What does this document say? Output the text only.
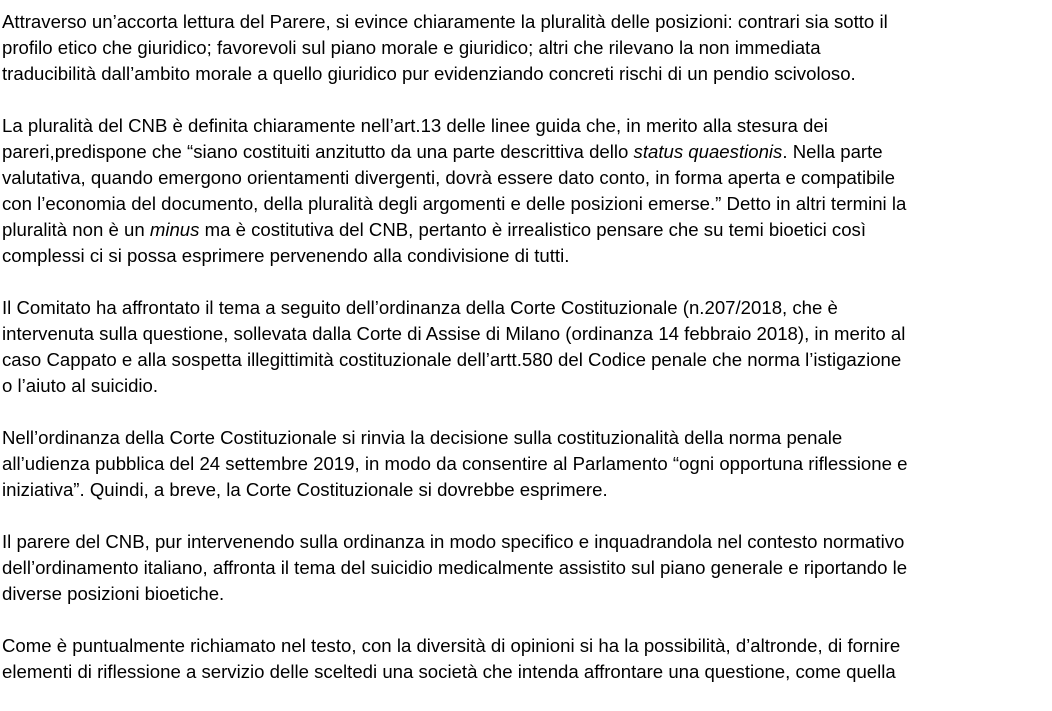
Attraverso un’accorta lettura del Parere, si evince chiaramente la pluralità delle posizioni: contrari sia sotto il
profilo etico che giuridico; favorevoli sul piano morale e giuridico; altri che rilevano la non immediata
traducibilità dall’ambito morale a quello giuridico pur evidenziando concreti rischi di un pendio scivoloso.

La pluralità del CNB è definita chiaramente nell’art.13 delle linee guida che, in merito alla stesura dei
pareri,predispone che “siano costituiti anzitutto da una parte descrittiva dello status quaestionis. Nella parte
valutativa, quando emergono orientamenti divergenti, dovrà essere dato conto, in forma aperta e compatibile
con l’economia del documento, della pluralità degli argomenti e delle posizioni emerse.” Detto in altri termini la
pluralità non è un minus ma è costitutiva del CNB, pertanto è irrealistico pensare che su temi bioetici così
complessi ci si possa esprimere pervenendo alla condivisione di tutti.

Il Comitato ha affrontato il tema a seguito dell’ordinanza della Corte Costituzionale (n.207/2018, che è
intervenuta sulla questione, sollevata dalla Corte di Assise di Milano (ordinanza 14 febbraio 2018), in merito al
caso Cappato e alla sospetta illegittimità costituzionale dell’artt.580 del Codice penale che norma l’istigazione
o l’aiuto al suicidio.

Nell’ordinanza della Corte Costituzionale si rinvia la decisione sulla costituzionalità della norma penale
all’udienza pubblica del 24 settembre 2019, in modo da consentire al Parlamento “ogni opportuna riflessione e
iniziativa”. Quindi, a breve, la Corte Costituzionale si dovrebbe esprimere.

Il parere del CNB, pur intervenendo sulla ordinanza in modo specifico e inquadrandola nel contesto normativo
dell’ordinamento italiano, affronta il tema del suicidio medicalmente assistito sul piano generale e riportando le
diverse posizioni bioetiche.

Come è puntualmente richiamato nel testo, con la diversità di opinioni si ha la possibilità, d’altronde, di fornire
elementi di riflessione a servizio delle sceltedi una società che intenda affrontare una questione, come quella
